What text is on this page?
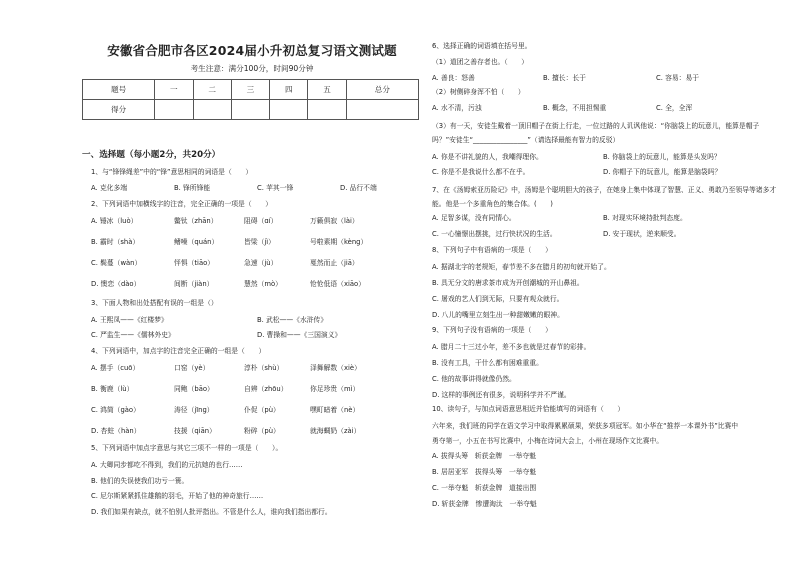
安徽省合肥市各区2024届小升初总复习语文测试题
考生注意：满分100分，时间90分钟
题号	一	二	三	四	五	总分
得分						
一、选择题（每小题2分，共20分）
1、与“锋锋绳差”中的“锋”意思相同的词语是（　　）
A. 克化多端	B. 锋所锋能	C. 苹其一锋	D. 品行不端
2、下列词语中加横线字的注音，完全正确的一项是（　　）
A. 锤冰（luò）	鳖钛（zhān）	阻碍（ɑí）	万籁俱寂（lài）
B. 霸时（shà）	鳍噪（quán）	皆梁（jì）	号啦素期（kèng）
C. 鬓蔓（wàn）	怦惧（tiāo）	急速（jù）	戛然而止（jiā）
D. 懊恋（dào）	间断（jiàn）	慧然（mò）	怆怆低语（xiāo）
3、下面人物和出处搭配有误的一组是（）
A. 王熙凤——《红楼梦》	B. 武松——《水浒传》
C. 严监生——《儒林外史》	D. 曹操和——《三国演义》
4、下列词语中，加点字的注音完全正确的一组是（　　）
A. 摆手（cuō）	口窑（yè）	淳朴（shù）	泽舞解数（xiè）
B. 衡鹿（lù）	同鲍（bāo）	自辨（zhōu）	你足珍贵（mì）
C. 鸿简（gào）	涛径（jīng）	仆促（pù）	嘿町暗着（nè）
D. 杏蛀（hàn）	技援（qiān）	粉碎（pù）	就海蜩奶（zài）
5、下列词语中加点字意思与其它三项不一样的一项是（　　）。
A. 大卿同步都吃不得到，我们的元抗她的也行……
B. 他们的失误使我们功亏一篑。
C. 尼尔斯紧紧抓住雄鹅的羽毛，开始了他的神奇旅行……
D. 我们如果有缺点，就不怕别人批评指出。不管是什么人，谁向我们指出都行。
6、选择正确的词语填在括号里。
（1）道团之善存者也。（　　）
A. 善良：怒善	B. 擅长：长于	C. 容易：易于
（2）树侧碎身浑不怕（　　）
A. 水不清，污浊	B. 概念，不用担惕重	C. 全，全浑
（3）有一天，安徒生戴着一顶旧帽子在街上行走，一位过路的人讥讽他说：“你脑袋上的玩意儿，能算是帽子吗？”安徒生“________________”（请选择最能有智力的反驳）
A. 你是不讲礼貌的人，我嘲得理你。	B. 你脑袋上的玩意儿，能算是头发吗？
C. 你是不是我说什么都不在乎。	D. 你帽子下的玩意儿，能算是脑袋吗？
7、在《汤姆索亚历险记》中，汤姆是个聪明胆大的孩子，在她身上集中体现了智慧、正义、勇敢乃至领导等诸多才能。他是一个多重角色的集合体。(　　)
A. 足智多谋，没有同情心。	B. 对现实环境持批判态度。
C. 一心憧憬出摆挑，过行快状况的生活。	D. 安于现状，逆来顺受。
8、下列句子中有语病的一项是（　　）
A. 据湖北字的老规矩，春节差不多在腊月的初旬就开始了。
B. 具无分文的唐求茶市成为开创潮城的开山鼻祖。
C. 屠戏的艺人们到无际，只要有观众就行。
D. 八儿的嘴里立刻生出一种甜嫩嫩的眼神。
9、下列句子没有语病的一项是（　　）
A. 腊月二十三过小年，差不多也就是过春节的彩排。
B. 没有工具，干什么都有困难重重。
C. 他的故事讲得就像仍然。
D. 这样的事例还有很多，说明科学并不严谨。
10、读句子，与加点词语意思相近并恰能填写的词语有（　　）
六年来，我们班的同学在语文学习中取得累累硕果，荣获多项冠军。如小华在“推荐一本课外书”比赛中
勇夺第一，小五在书写比赛中，小梅在诗词大会上，小州在现场作文比赛中。
A. 拔得头筹　斩获金牌　一举夺魁
B. 居居亚军　拔得头筹　一举夺魁
C. 一举夺魁　斩获金牌　道接出围
D. 斩获金牌　惨遭淘汰　一举夺魁
